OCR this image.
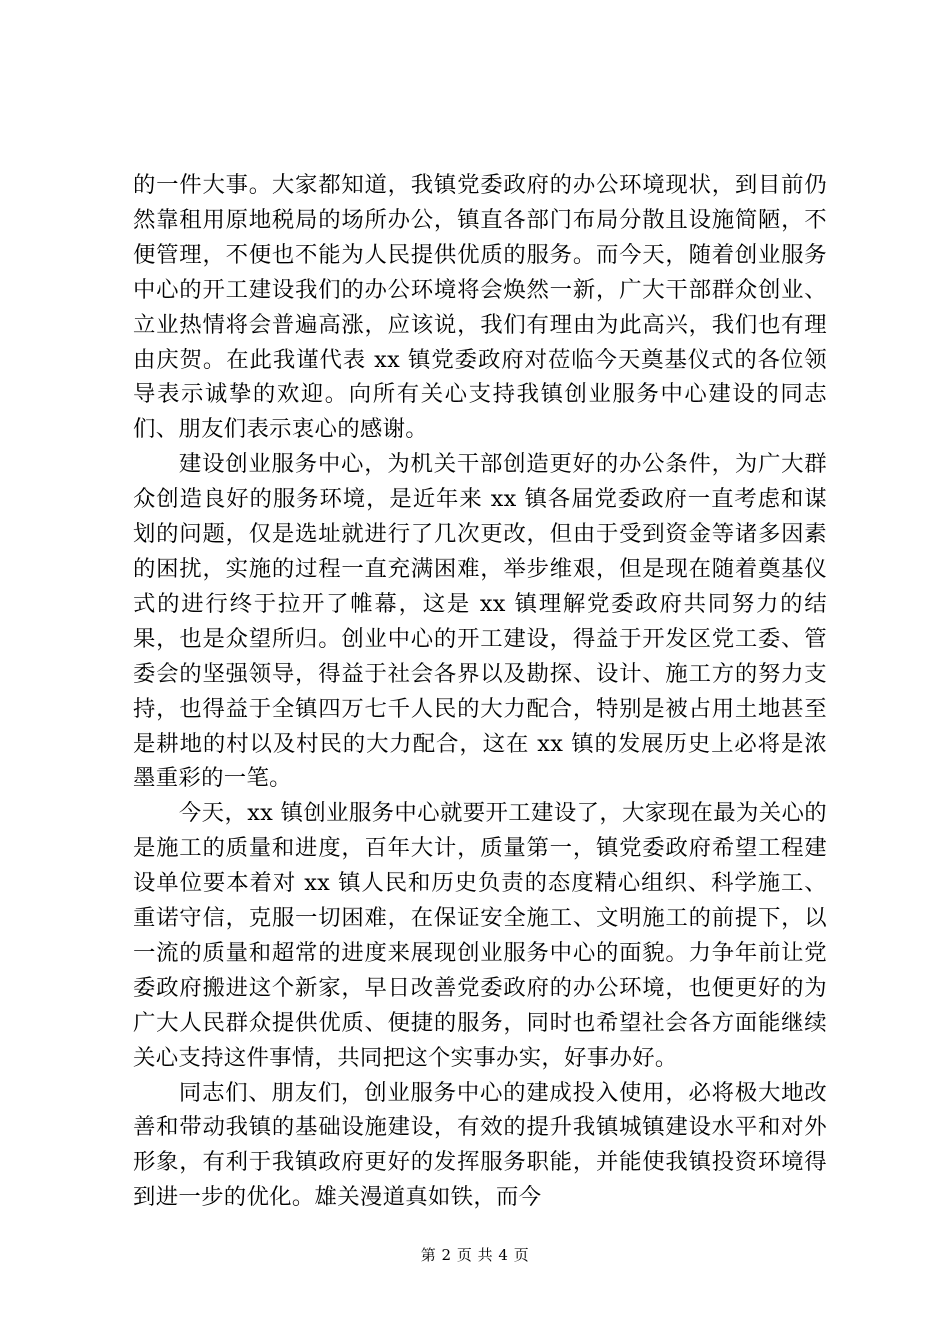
的一件大事。大家都知道，我镇党委政府的办公环境现状，到目前仍然靠租用原地税局的场所办公，镇直各部门布局分散且设施简陋，不便管理，不便也不能为人民提供优质的服务。而今天，随着创业服务中心的开工建设我们的办公环境将会焕然一新，广大干部群众创业、立业热情将会普遍高涨，应该说，我们有理由为此高兴，我们也有理由庆贺。在此我谨代表 xx 镇党委政府对莅临今天奠基仪式的各位领导表示诚挚的欢迎。向所有关心支持我镇创业服务中心建设的同志们、朋友们表示衷心的感谢。

建设创业服务中心，为机关干部创造更好的办公条件，为广大群众创造良好的服务环境，是近年来 xx 镇各届党委政府一直考虑和谋划的问题，仅是选址就进行了几次更改，但由于受到资金等诸多因素的困扰，实施的过程一直充满困难，举步维艰，但是现在随着奠基仪式的进行终于拉开了帷幕，这是 xx 镇理解党委政府共同努力的结果，也是众望所归。创业中心的开工建设，得益于开发区党工委、管委会的坚强领导，得益于社会各界以及勘探、设计、施工方的努力支持，也得益于全镇四万七千人民的大力配合，特别是被占用土地甚至是耕地的村以及村民的大力配合，这在 xx 镇的发展历史上必将是浓墨重彩的一笔。

今天，xx 镇创业服务中心就要开工建设了，大家现在最为关心的是施工的质量和进度，百年大计，质量第一，镇党委政府希望工程建设单位要本着对 xx 镇人民和历史负责的态度精心组织、科学施工、重诺守信，克服一切困难，在保证安全施工、文明施工的前提下，以一流的质量和超常的进度来展现创业服务中心的面貌。力争年前让党委政府搬进这个新家，早日改善党委政府的办公环境，也便更好的为广大人民群众提供优质、便捷的服务，同时也希望社会各方面能继续关心支持这件事情，共同把这个实事办实，好事办好。

同志们、朋友们，创业服务中心的建成投入使用，必将极大地改善和带动我镇的基础设施建设，有效的提升我镇城镇建设水平和对外形象，有利于我镇政府更好的发挥服务职能，并能使我镇投资环境得到进一步的优化。雄关漫道真如铁，而今

第 2 页 共 4 页
